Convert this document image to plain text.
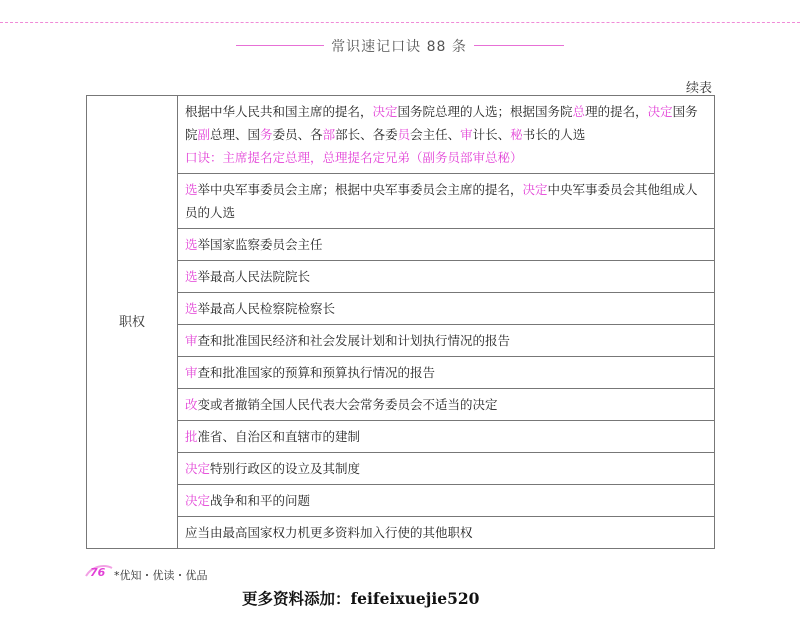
常识速记口诀 88 条
续表
职权	根据中华人民共和国主席的提名，决定国务院总理的人选；根据国务院总理的提名，决定国务院副总理、国务委员、各部部长、各委员会主任、审计长、秘书长的人选
口诀：主席提名定总理，总理提名定兄弟（副务员部审总秘）
选举中央军事委员会主席；根据中央军事委员会主席的提名，决定中央军事委员会其他组成人员的人选
选举国家监察委员会主任
选举最高人民法院院长
选举最高人民检察院检察长
审查和批准国民经济和社会发展计划和计划执行情况的报告
审查和批准国家的预算和预算执行情况的报告
改变或者撤销全国人民代表大会常务委员会不适当的决定
批准省、自治区和直辖市的建制
决定特别行政区的设立及其制度
决定战争和和平的问题
应当由最高国家权力机更多资料加入行使的其他职权
76 *优知・优读・优品
更多资料添加：feifeixuejie520
